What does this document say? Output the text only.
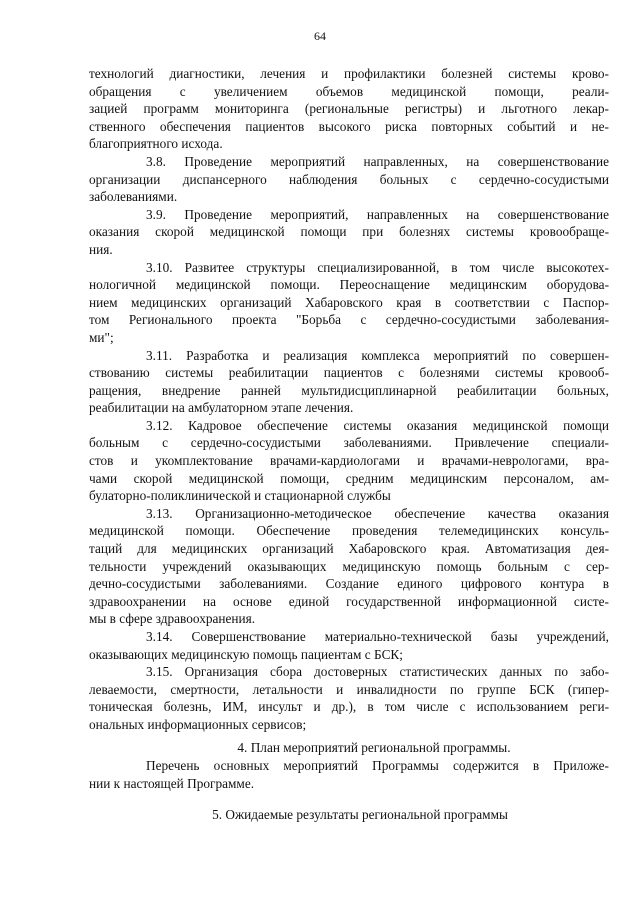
64

технологий диагностики, лечения и профилактики болезней системы крово-
обращения с увеличением объемов медицинской помощи, реали-
зацией программ мониторинга (региональные регистры) и льготного лекар-
ственного обеспечения пациентов высокого риска повторных событий и не-
благоприятного исхода.

3.8. Проведение мероприятий направленных, на совершенствование
организации диспансерного наблюдения больных с сердечно-сосудистыми
заболеваниями.

3.9. Проведение мероприятий, направленных на совершенствование
оказания скорой медицинской помощи при болезнях системы кровообраще-
ния.

3.10. Развитее структуры специализированной, в том числе высокотех-
нологичной медицинской помощи. Переоснащение медицинским оборудова-
нием медицинских организаций Хабаровского края в соответствии с Паспор-
том Регионального проекта "Борьба с сердечно-сосудистыми заболевания-
ми";

3.11. Разработка и реализация комплекса мероприятий по совершен-
ствованию системы реабилитации пациентов с болезнями системы кровооб-
ращения, внедрение ранней мультидисциплинарной реабилитации больных,
реабилитации на амбулаторном этапе лечения.

3.12. Кадровое обеспечение системы оказания медицинской помощи
больным с сердечно-сосудистыми заболеваниями. Привлечение специали-
стов и укомплектование врачами-кардиологами и врачами-неврологами, вра-
чами скорой медицинской помощи, средним медицинским персоналом, ам-
булаторно-поликлинической и стационарной службы

3.13. Организационно-методическое обеспечение качества оказания
медицинской помощи. Обеспечение проведения телемедицинских консуль-
таций для медицинских организаций Хабаровского края. Автоматизация дея-
тельности учреждений оказывающих медицинскую помощь больным с сер-
дечно-сосудистыми заболеваниями. Создание единого цифрового контура в
здравоохранении на основе единой государственной информационной систе-
мы в сфере здравоохранения.

3.14. Совершенствование материально-технической базы учреждений,
оказывающих медицинскую помощь пациентам с БСК;

3.15. Организация сбора достоверных статистических данных по забо-
леваемости, смертности, летальности и инвалидности по группе БСК (гипер-
тоническая болезнь, ИМ, инсульт и др.), в том числе с использованием реги-
ональных информационных сервисов;

4. План мероприятий региональной программы.

Перечень основных мероприятий Программы содержится в Приложе-
нии к настоящей Программе.

5. Ожидаемые результаты региональной программы
